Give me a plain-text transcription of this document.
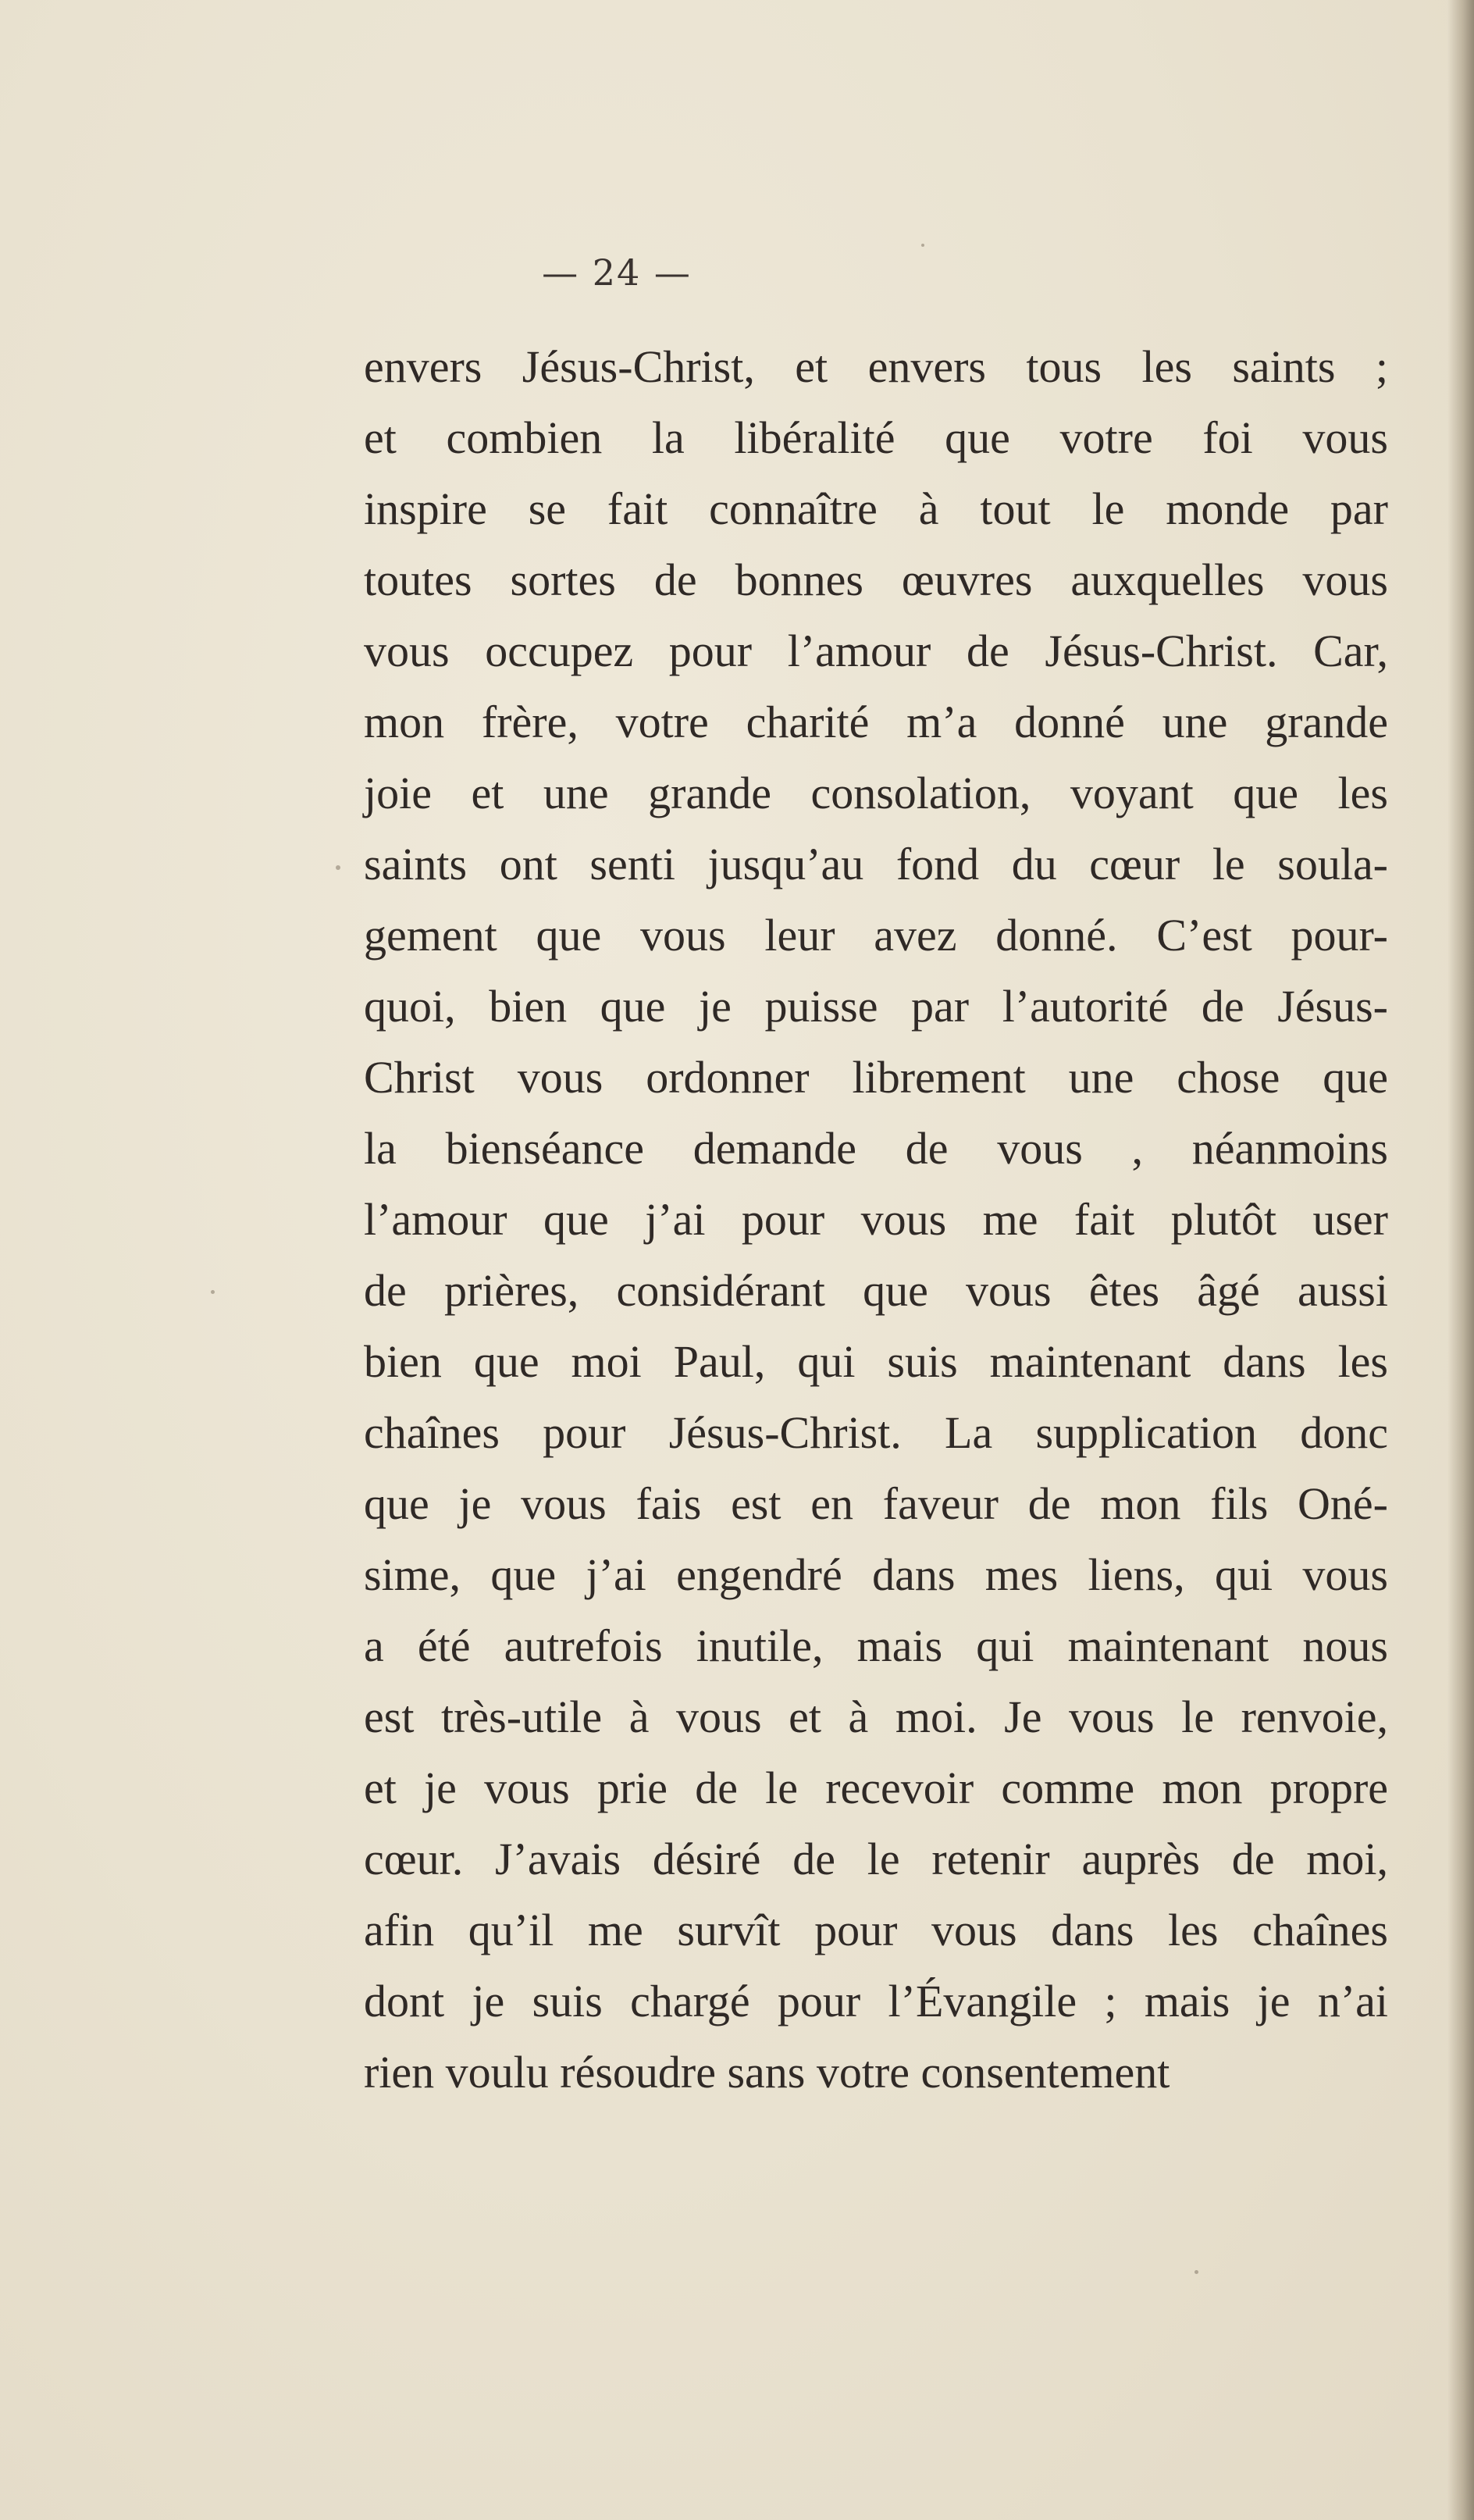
— 24 —
envers Jésus-Christ, et envers tous les saints ;
et combien la libéralité que votre foi vous
inspire se fait connaître à tout le monde par
toutes sortes de bonnes œuvres auxquelles vous
vous occupez pour l’amour de Jésus-Christ. Car,
mon frère, votre charité m’a donné une grande
joie et une grande consolation, voyant que les
saints ont senti jusqu’au fond du cœur le soula-
gement que vous leur avez donné. C’est pour-
quoi, bien que je puisse par l’autorité de Jésus-
Christ vous ordonner librement une chose que
la bienséance demande de vous , néanmoins
l’amour que j’ai pour vous me fait plutôt user
de prières, considérant que vous êtes âgé aussi
bien que moi Paul, qui suis maintenant dans les
chaînes pour Jésus-Christ. La supplication donc
que je vous fais est en faveur de mon fils Oné-
sime, que j’ai engendré dans mes liens, qui vous
a été autrefois inutile, mais qui maintenant nous
est très-utile à vous et à moi. Je vous le renvoie,
et je vous prie de le recevoir comme mon propre
cœur. J’avais désiré de le retenir auprès de moi,
afin qu’il me survît pour vous dans les chaînes
dont je suis chargé pour l’Évangile ; mais je n’ai
rien voulu résoudre sans votre consentement
